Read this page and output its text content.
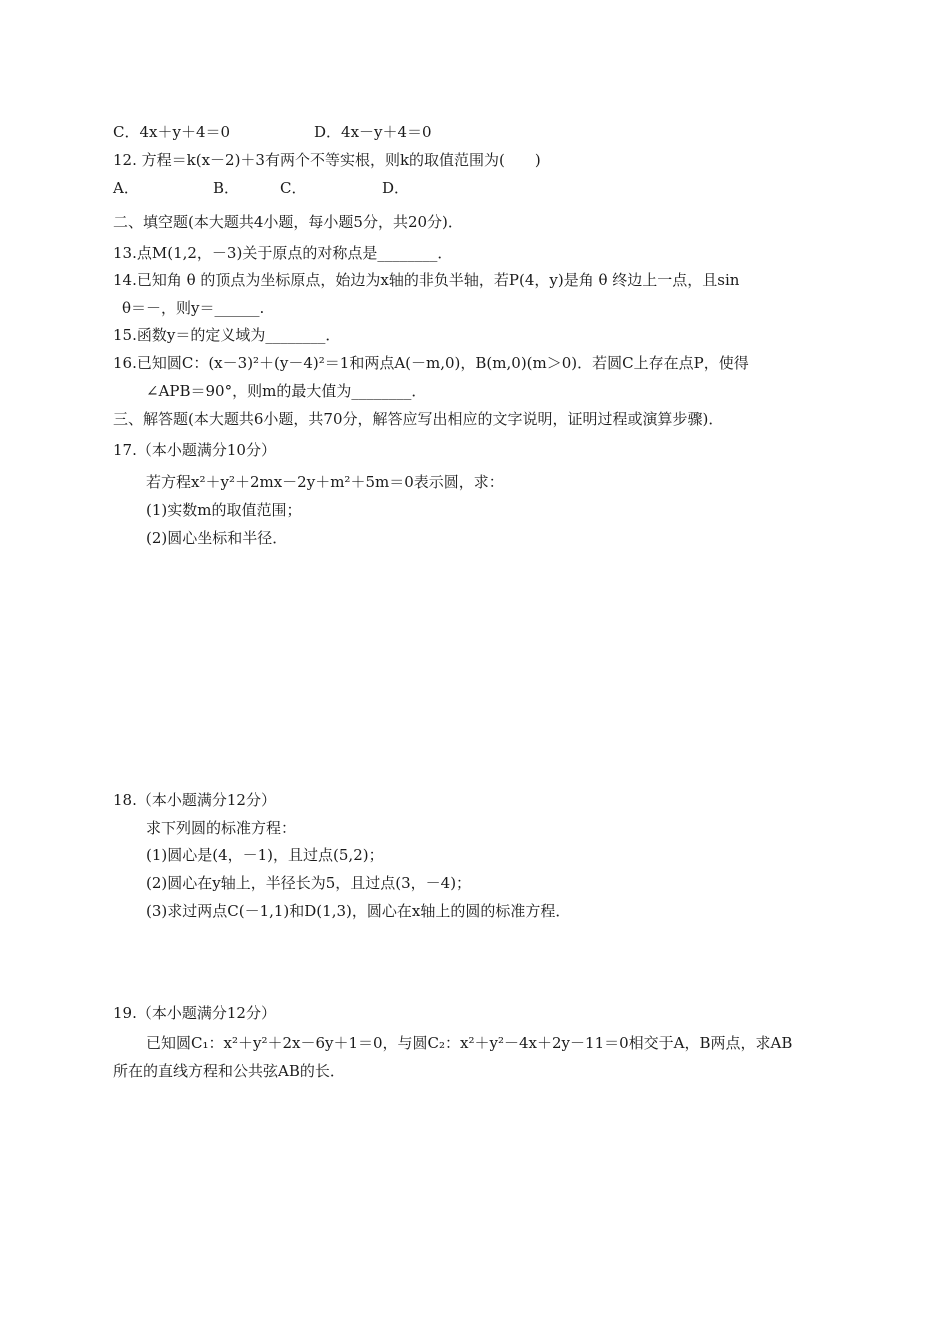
C．4x＋y＋4＝0	D．4x－y＋4＝0
12. 方程＝k(x－2)＋3有两个不等实根，则k的取值范围为(　　)
A．	B．	C．	D．
二、填空题(本大题共4小题，每小题5分，共20分)．
13.点M(1,2，－3)关于原点的对称点是________．
14.已知角 θ 的顶点为坐标原点，始边为x轴的非负半轴，若P(4，y)是角 θ 终边上一点，且sin
θ＝－，则y＝______.
15.函数y＝的定义域为________．
16.已知圆C：(x－3)²＋(y－4)²＝1和两点A(－m,0)，B(m,0)(m＞0)．若圆C上存在点P，使得
∠APB＝90°，则m的最大值为________．
三、解答题(本大题共6小题，共70分，解答应写出相应的文字说明，证明过程或演算步骤)．
17.（本小题满分10分）
若方程x²＋y²＋2mx－2y＋m²＋5m＝0表示圆，求：
(1)实数m的取值范围；
(2)圆心坐标和半径．
18.（本小题满分12分）
求下列圆的标准方程：
(1)圆心是(4，－1)，且过点(5,2)；
(2)圆心在y轴上，半径长为5，且过点(3，－4)；
(3)求过两点C(－1,1)和D(1,3)，圆心在x轴上的圆的标准方程．
19.（本小题满分12分）
已知圆C₁：x²＋y²＋2x－6y＋1＝0，与圆C₂：x²＋y²－4x＋2y－11＝0相交于A，B两点，求AB
所在的直线方程和公共弦AB的长．
